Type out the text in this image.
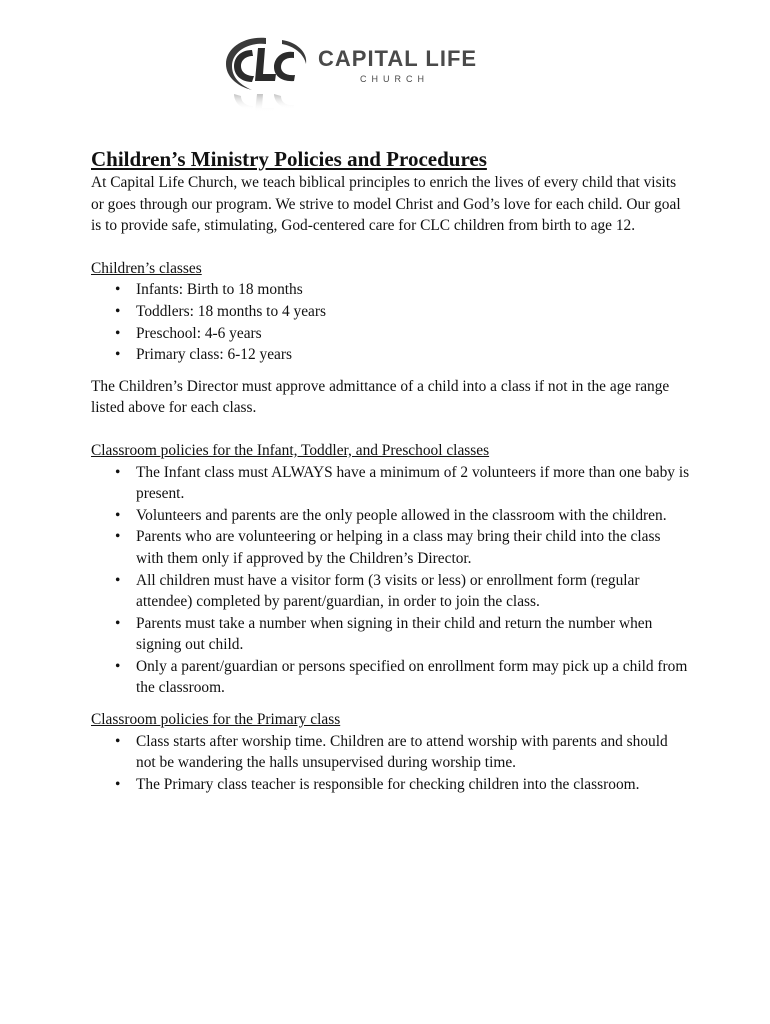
CAPITAL LIFE
CHURCH
Children’s Ministry Policies and Procedures

At Capital Life Church, we teach biblical principles to enrich the lives of every child that visits or goes through our program. We strive to model Christ and God’s love for each child. Our goal is to provide safe, stimulating, God-centered care for CLC children from birth to age 12.

Children’s classes

• Infants: Birth to 18 months
• Toddlers: 18 months to 4 years
• Preschool: 4-6 years
• Primary class: 6-12 years

The Children’s Director must approve admittance of a child into a class if not in the age range listed above for each class.

Classroom policies for the Infant, Toddler, and Preschool classes

• The Infant class must ALWAYS have a minimum of 2 volunteers if more than one baby is present.
• Volunteers and parents are the only people allowed in the classroom with the children.
• Parents who are volunteering or helping in a class may bring their child into the class with them only if approved by the Children’s Director.
• All children must have a visitor form (3 visits or less) or enrollment form (regular attendee) completed by parent/guardian, in order to join the class.
• Parents must take a number when signing in their child and return the number when signing out child.
• Only a parent/guardian or persons specified on enrollment form may pick up a child from the classroom.

Classroom policies for the Primary class

• Class starts after worship time. Children are to attend worship with parents and should not be wandering the halls unsupervised during worship time.
• The Primary class teacher is responsible for checking children into the classroom.
